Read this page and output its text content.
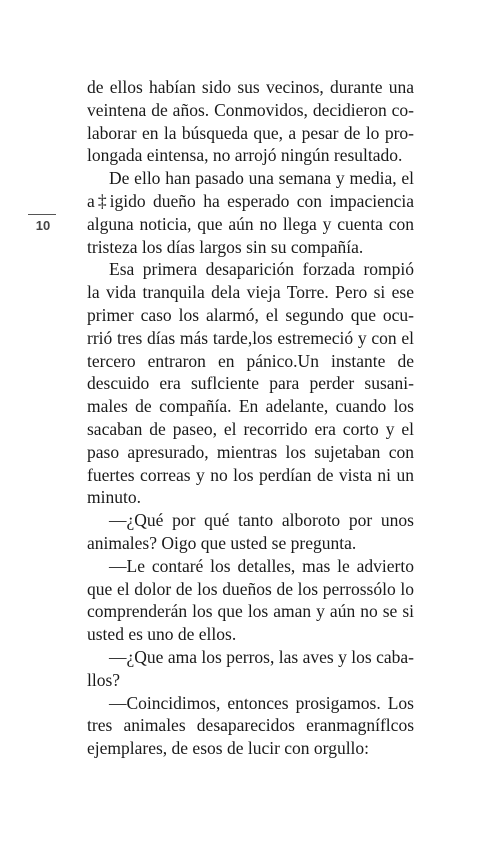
10

de ellos habían sido sus vecinos, durante una veintena de años. Conmovidos, decidieron colaborar en la búsqueda que, a pesar de lo prolongada eintensa, no arrojó ningún resultado.

De ello han pasado una semana y media, el a‡igido dueño ha esperado con impaciencia alguna noticia, que aún no llega y cuenta con tristeza los días largos sin su compañía.

Esa primera desaparición forzada rompió la vida tranquila dela vieja Torre. Pero si ese primer caso los alarmó, el segundo que ocurrió tres días más tarde,los estremeció y con el tercero entraron en pánico.Un instante de descuido era suflciente para perder susanimales de compañía. En adelante, cuando los sacaban de paseo, el recorrido era corto y el paso apresurado, mientras los sujetaban con fuertes correas y no los perdían de vista ni un minuto.

—¿Qué por qué tanto alboroto por unos animales? Oigo que usted se pregunta.

—Le contaré los detalles, mas le advierto que el dolor de los dueños de los perrossólo lo comprenderán los que los aman y aún no se si usted es uno de ellos.

—¿Que ama los perros, las aves y los caballos?

—Coincidimos, entonces prosigamos. Los tres animales desaparecidos eranmagníflcos ejemplares, de esos de lucir con orgullo:
